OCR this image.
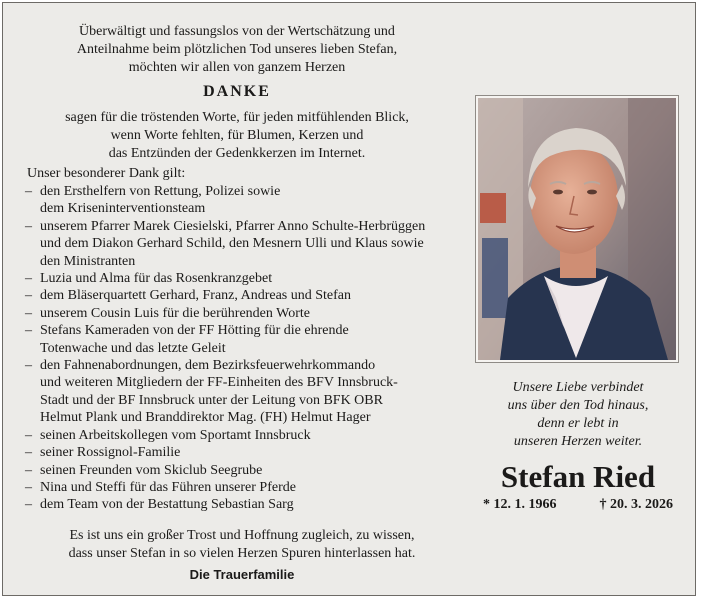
Überwältigt und fassungslos von der Wertschätzung und
Anteilnahme beim plötzlichen Tod unseres lieben Stefan,
möchten wir allen von ganzem Herzen
DANKE
sagen für die tröstenden Worte, für jeden mitfühlenden Blick,
wenn Worte fehlten, für Blumen, Kerzen und
das Entzünden der Gedenkkerzen im Internet.
Unser besonderer Dank gilt:
– den Ersthelfern von Rettung, Polizei sowie
dem Kriseninterventionsteam
– unserem Pfarrer Marek Ciesielski, Pfarrer Anno Schulte-Herbrüggen
und dem Diakon Gerhard Schild, den Mesnern Ulli und Klaus sowie
den Ministranten
– Luzia und Alma für das Rosenkranzgebet
– dem Bläserquartett Gerhard, Franz, Andreas und Stefan
– unserem Cousin Luis für die berührenden Worte
– Stefans Kameraden von der FF Hötting für die ehrende
Totenwache und das letzte Geleit
– den Fahnenabordnungen, dem Bezirksfeuerwehrkommando
und weiteren Mitgliedern der FF-Einheiten des BFV Innsbruck-
Stadt und der BF Innsbruck unter der Leitung von BFK OBR
Helmut Plank und Branddirektor Mag. (FH) Helmut Hager
– seinen Arbeitskollegen vom Sportamt Innsbruck
– seiner Rossignol-Familie
– seinen Freunden vom Skiclub Seegrube
– Nina und Steffi für das Führen unserer Pferde
– dem Team von der Bestattung Sebastian Sarg
Es ist uns ein großer Trost und Hoffnung zugleich, zu wissen,
dass unser Stefan in so vielen Herzen Spuren hinterlassen hat.
Die Trauerfamilie
Unsere Liebe verbindet
uns über den Tod hinaus,
denn er lebt in
unseren Herzen weiter.
Stefan Ried
* 12. 1. 1966	† 20. 3. 2026
